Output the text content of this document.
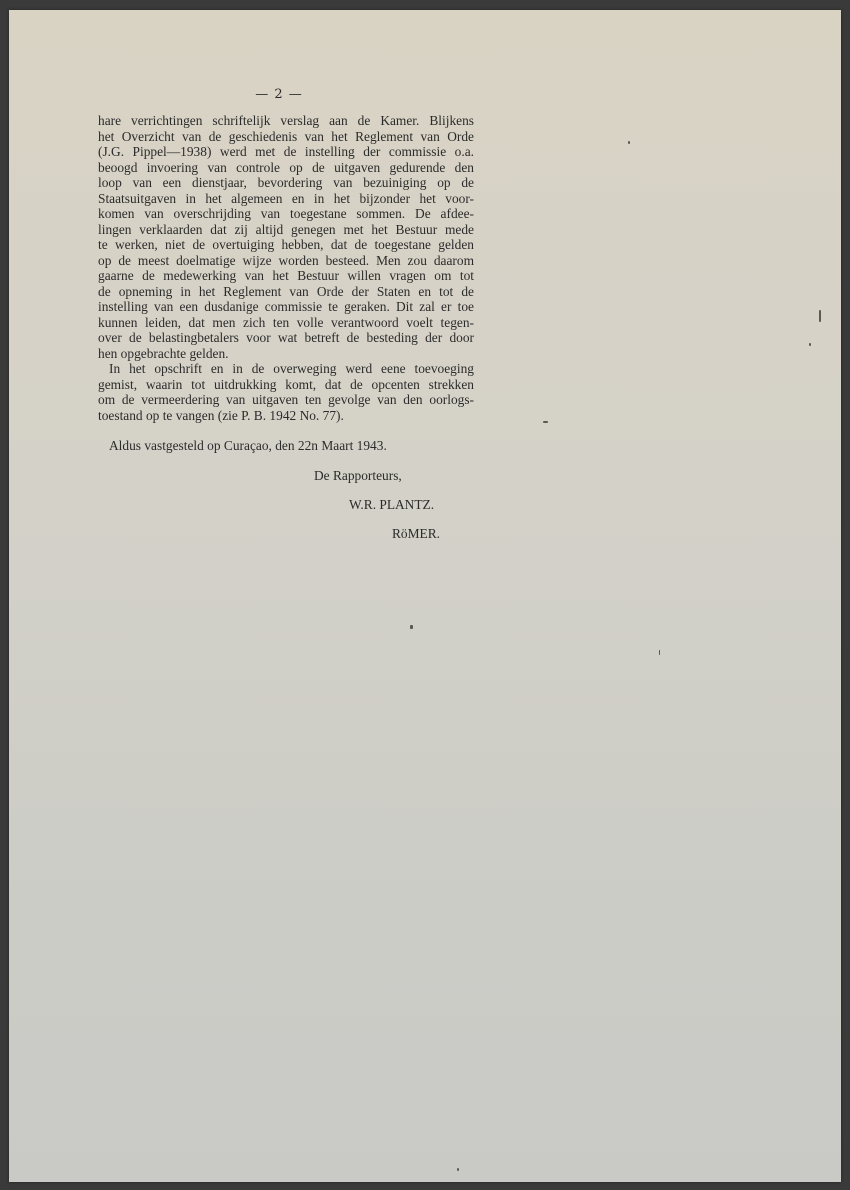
— 2 —
hare verrichtingen schriftelijk verslag aan de Kamer. Blijkens
het Overzicht van de geschiedenis van het Reglement van Orde
(J.G. Pippel—1938) werd met de instelling der commissie o.a.
beoogd invoering van controle op de uitgaven gedurende den
loop van een dienstjaar, bevordering van bezuiniging op de
Staatsuitgaven in het algemeen en in het bijzonder het voor-
komen van overschrijding van toegestane sommen. De afdee-
lingen verklaarden dat zij altijd genegen met het Bestuur mede
te werken, niet de overtuiging hebben, dat de toegestane gelden
op de meest doelmatige wijze worden besteed. Men zou daarom
gaarne de medewerking van het Bestuur willen vragen om tot
de opneming in het Reglement van Orde der Staten en tot de
instelling van een dusdanige commissie te geraken. Dit zal er toe
kunnen leiden, dat men zich ten volle verantwoord voelt tegen-
over de belastingbetalers voor wat betreft de besteding der door
hen opgebrachte gelden.
In het opschrift en in de overweging werd eene toevoeging
gemist, waarin tot uitdrukking komt, dat de opcenten strekken
om de vermeerdering van uitgaven ten gevolge van den oorlogs-
toestand op te vangen (zie P. B. 1942 No. 77).
Aldus vastgesteld op Curaçao, den 22n Maart 1943.
De Rapporteurs,
W.R. PLANTZ.
RöMER.
